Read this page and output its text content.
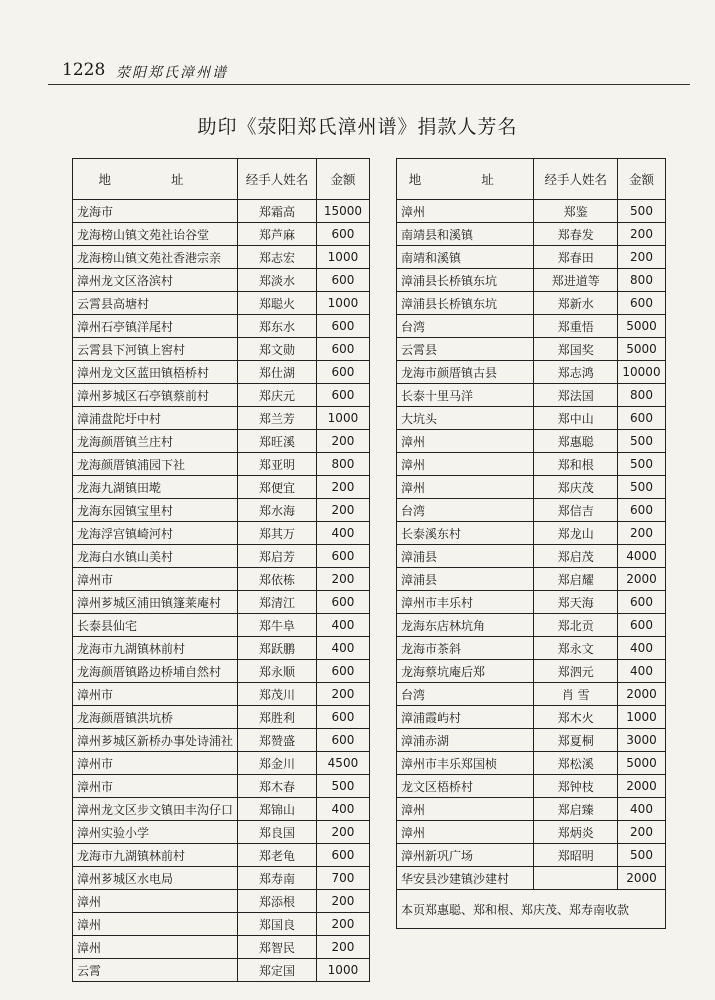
1228 荥阳郑氏漳州谱
助印《荥阳郑氏漳州谱》捐款人芳名
地 址	经手人姓名	金额
龙海市	郑霜高	15000
龙海榜山镇文苑社诒谷堂	郑芦麻	600
龙海榜山镇文苑社香港宗亲	郑志宏	1000
漳州龙文区洛滨村	郑淡水	600
云霄县高塘村	郑聪火	1000
漳州石亭镇洋尾村	郑东水	600
云霄县下河镇上窖村	郑文勋	600
漳州龙文区蓝田镇梧桥村	郑仕湖	600
漳州芗城区石亭镇蔡前村	郑庆元	600
漳浦盘陀圩中村	郑兰芳	1000
龙海颜厝镇兰庄村	郑旺溪	200
龙海颜厝镇浦园下社	郑亚明	800
龙海九湖镇田墘	郑便宜	200
龙海东园镇宝里村	郑水海	200
龙海浮宫镇崎河村	郑其万	400
龙海白水镇山美村	郑启芳	600
漳州市	郑依栋	200
漳州芗城区浦田镇篷莱庵村	郑清江	600
长泰县仙宅	郑牛阜	400
龙海市九湖镇林前村	郑跃鹏	400
龙海颜厝镇路边桥埔自然村	郑永顺	600
漳州市	郑茂川	200
龙海颜厝镇洪坑桥	郑胜利	600
漳州芗城区新桥办事处诗浦社	郑赞盛	600
漳州市	郑金川	4500
漳州市	郑木春	500
漳州龙文区步文镇田丰沟仔口	郑锦山	400
漳州实验小学	郑良国	200
龙海市九湖镇林前村	郑老龟	600
漳州芗城区水电局	郑寿南	700
漳州	郑添根	200
漳州	郑国良	200
漳州	郑智民	200
云霄	郑定国	1000
地 址	经手人姓名	金额
漳州	郑鉴	500
南靖县和溪镇	郑春发	200
南靖和溪镇	郑春田	200
漳浦县长桥镇东坑	郑进道等	800
漳浦县长桥镇东坑	郑新水	600
台湾	郑重悟	5000
云霄县	郑国奖	5000
龙海市颜厝镇古县	郑志鸿	10000
长泰十里马洋	郑法国	800
大坑头	郑中山	600
漳州	郑惠聪	500
漳州	郑和根	500
漳州	郑庆茂	500
台湾	郑信吉	600
长泰溪东村	郑龙山	200
漳浦县	郑启茂	4000
漳浦县	郑启耀	2000
漳州市丰乐村	郑天海	600
龙海东店林坑角	郑北贡	600
龙海市茶斜	郑永文	400
龙海蔡坑庵后郑	郑泗元	400
台湾	肖 雪	2000
漳浦霞屿村	郑木火	1000
漳浦赤湖	郑夏桐	3000
漳州市丰乐郑国桢	郑松溪	5000
龙文区梧桥村	郑钟枝	2000
漳州	郑启臻	400
漳州	郑炳炎	200
漳州新巩广场	郑昭明	500
华安县沙建镇沙建村		2000
本页郑惠聪、郑和根、郑庆茂、郑寿南收款		
